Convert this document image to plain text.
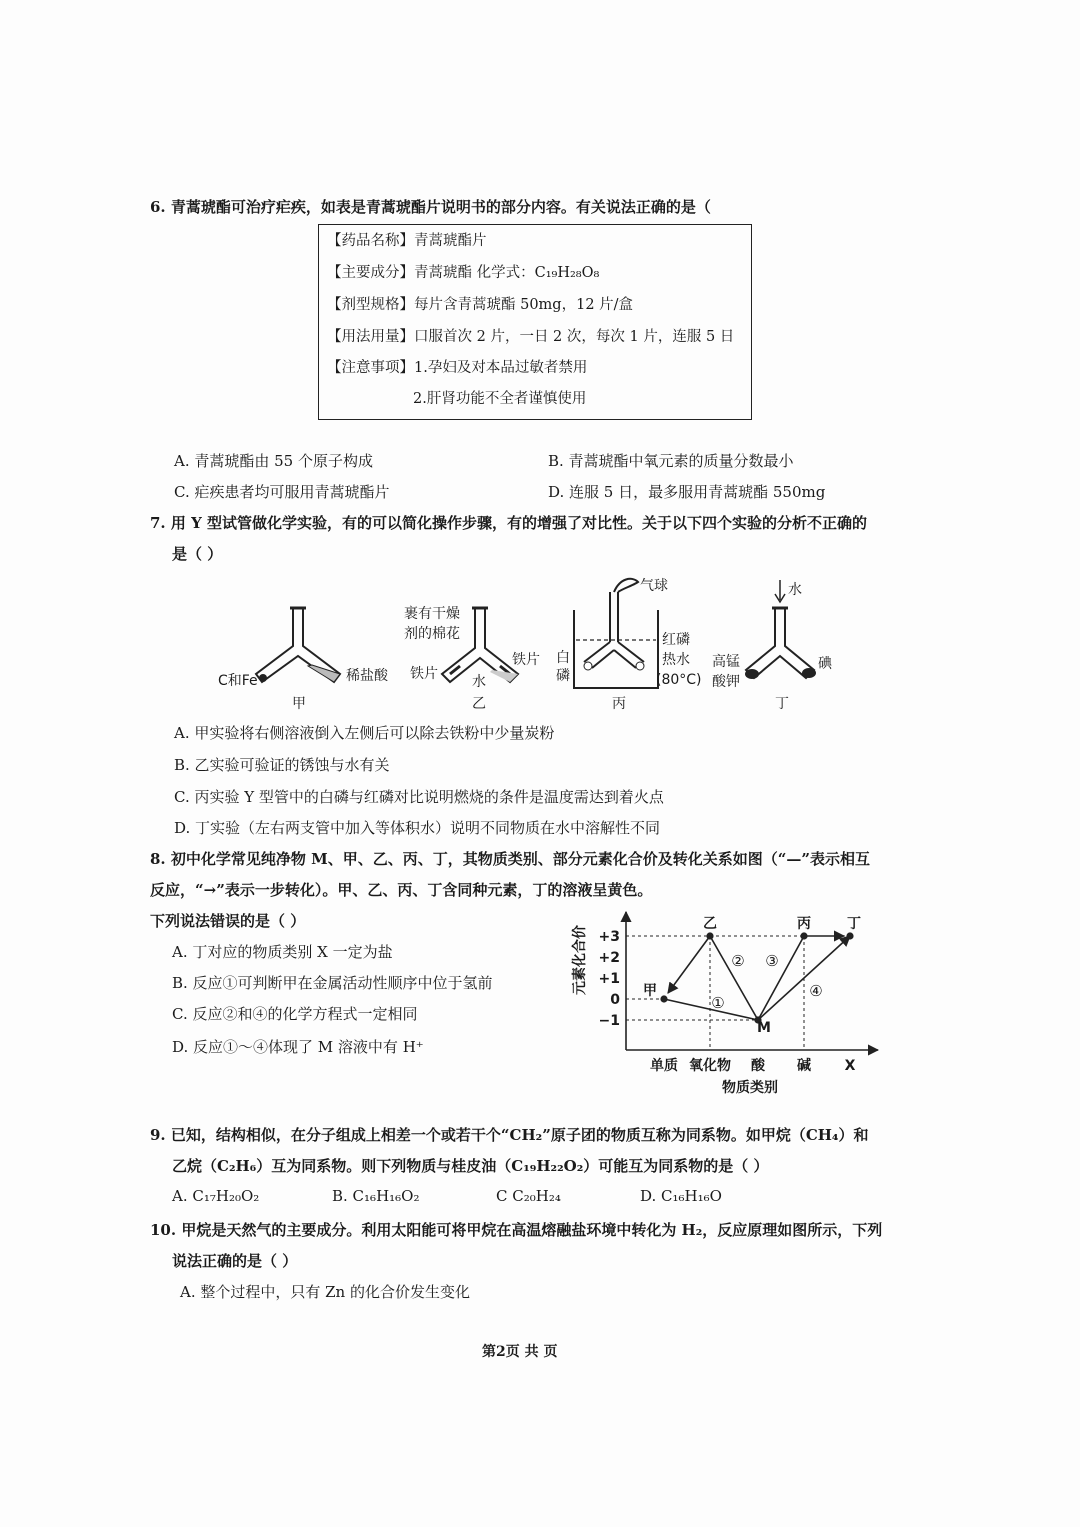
6. 青蒿琥酯可治疗疟疾，如表是青蒿琥酯片说明书的部分内容。有关说法正确的是（
【药品名称】青蒿琥酯片
【主要成分】青蒿琥酯 化学式：C₁₉H₂₈O₈
【剂型规格】每片含青蒿琥酯 50mg，12 片/盒
【用法用量】口服首次 2 片，一日 2 次，每次 1 片，连服 5 日
【注意事项】1.孕妇及对本品过敏者禁用
2.肝肾功能不全者谨慎使用
A. 青蒿琥酯由 55 个原子构成	B. 青蒿琥酯中氧元素的质量分数最小
C. 疟疾患者均可服用青蒿琥酯片	D. 连服 5 日，最多服用青蒿琥酯 550mg
7. 用 Y 型试管做化学实验，有的可以简化操作步骤，有的增强了对比性。关于以下四个实验的分析不正确的
是（ ）
C和Fe	稀盐酸
甲
裹有干燥
剂的棉花
铁片
铁片 水
乙
气球
白
磷
红磷
热水
(80°C)
丙
水
高锰
酸钾
碘
丁
A. 甲实验将右侧溶液倒入左侧后可以除去铁粉中少量炭粉
B. 乙实验可验证的锈蚀与水有关
C. 丙实验 Y 型管中的白磷与红磷对比说明燃烧的条件是温度需达到着火点
D. 丁实验（左右两支管中加入等体积水）说明不同物质在水中溶解性不同
8. 初中化学常见纯净物 M、甲、乙、丙、丁，其物质类别、部分元素化合价及转化关系如图（“—”表示相互
反应，“→”表示一步转化）。甲、乙、丙、丁含同种元素，丁的溶液呈黄色。
下列说法错误的是（ ）
A. 丁对应的物质类别 X 一定为盐
B. 反应①可判断甲在金属活动性顺序中位于氢前
C. 反应②和④的化学方程式一定相同
D. 反应①～④体现了 M 溶液中有 H⁺
+3
+2
+1
0
−1
单质 氧化物 酸 碱 X
①
② ③
④
甲
乙	丙	丁
M
元素化合价
物质类别
9. 已知，结构相似，在分子组成上相差一个或若干个“CH₂”原子团的物质互称为同系物。如甲烷（CH₄）和
乙烷（C₂H₆）互为同系物。则下列物质与桂皮油（C₁₉H₂₂O₂）可能互为同系物的是（ ）
A. C₁₇H₂₀O₂	B. C₁₆H₁₆O₂	C C₂₀H₂₄	D. C₁₆H₁₆O
10. 甲烷是天然气的主要成分。利用太阳能可将甲烷在高温熔融盐环境中转化为 H₂，反应原理如图所示，下列
说法正确的是（ ）
A. 整个过程中，只有 Zn 的化合价发生变化
第2页 共 页
